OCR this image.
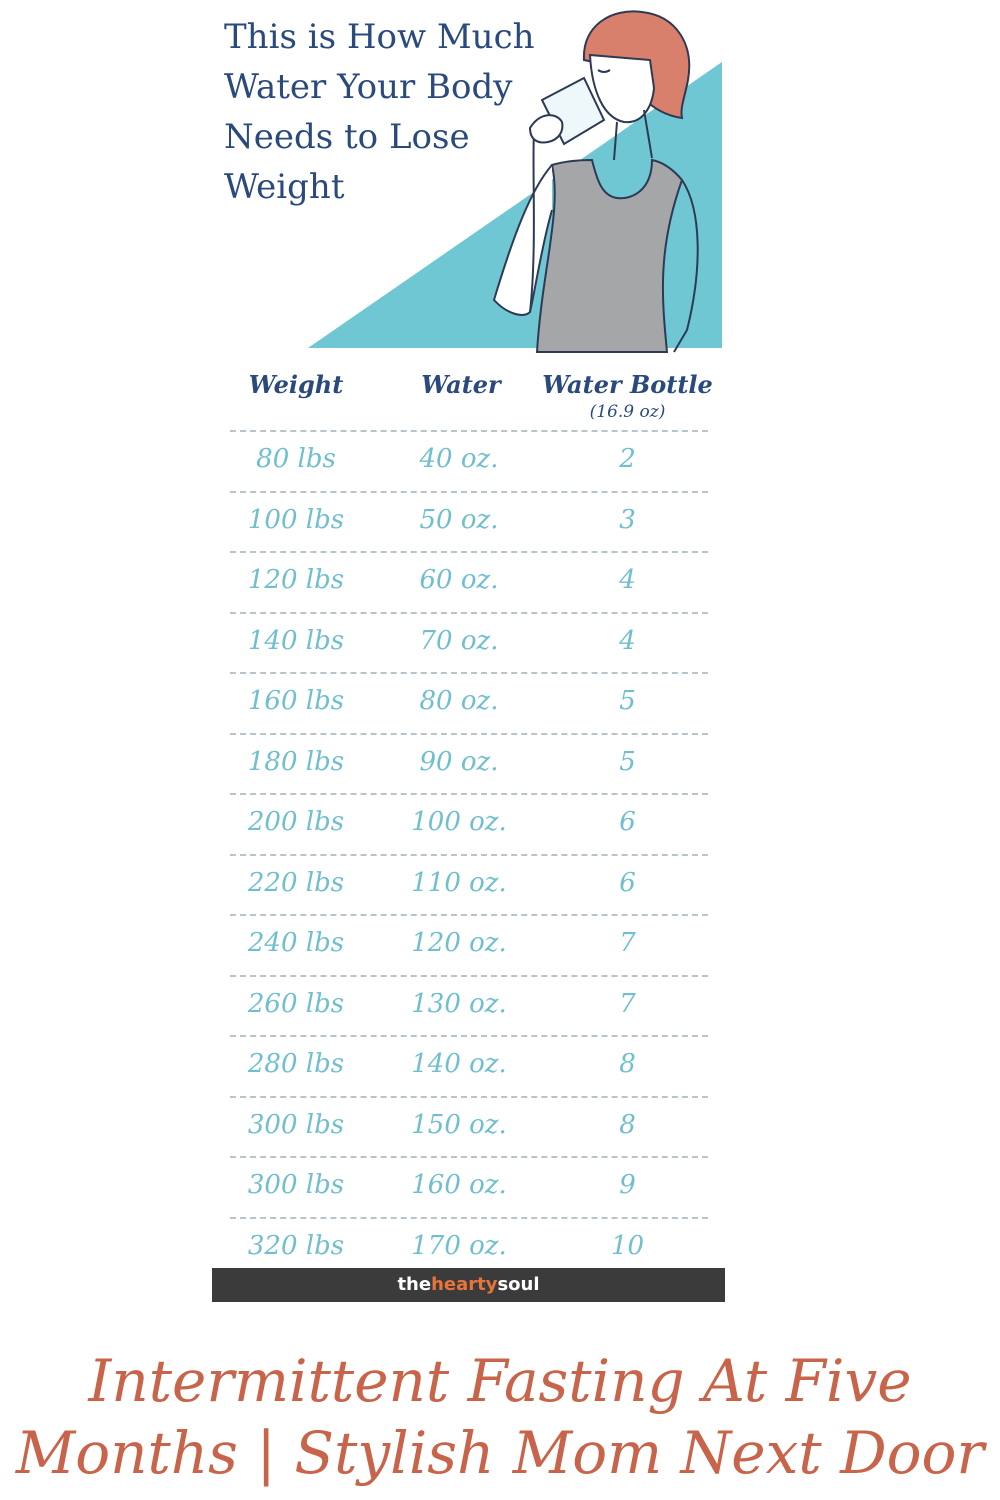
This is How Much Water Your Body Needs to Lose Weight
Weight	Water	Water Bottle
(16.9 oz)
80 lbs	40 oz.	2
100 lbs	50 oz.	3
120 lbs	60 oz.	4
140 lbs	70 oz.	4
160 lbs	80 oz.	5
180 lbs	90 oz.	5
200 lbs	100 oz.	6
220 lbs	110 oz.	6
240 lbs	120 oz.	7
260 lbs	130 oz.	7
280 lbs	140 oz.	8
300 lbs	150 oz.	8
300 lbs	160 oz.	9
320 lbs	170 oz.	10
theheartysoul
Intermittent Fasting At Five Months | Stylish Mom Next Door
